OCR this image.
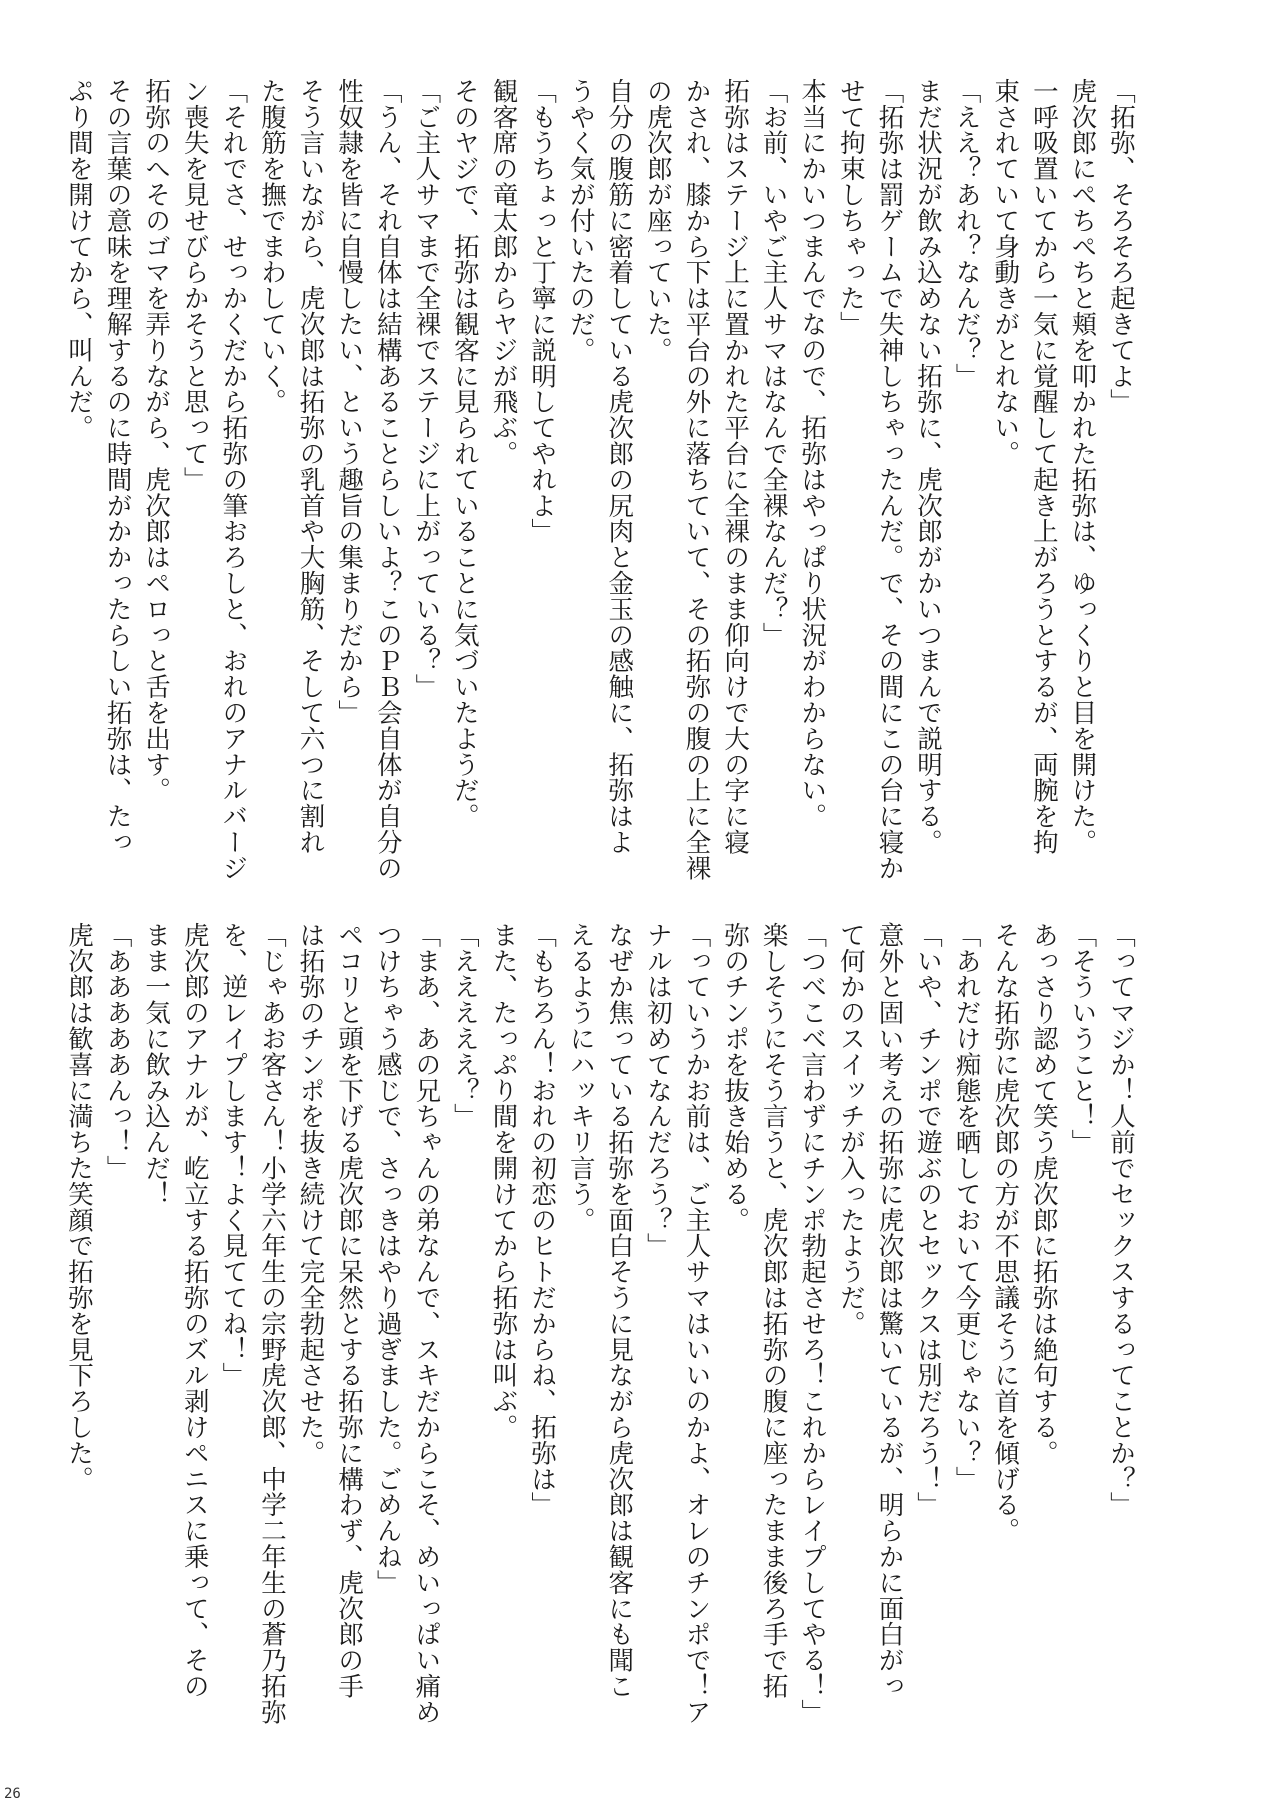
「拓弥、そろそろ起きてよ」

虎次郎にぺちぺちと頬を叩かれた拓弥は、ゆっくりと目を開けた。

一呼吸置いてから一気に覚醒して起き上がろうとするが、両腕を拘

束されていて身動きがとれない。

「ええ？あれ？なんだ？」

まだ状況が飲み込めない拓弥に、虎次郎がかいつまんで説明する。

「拓弥は罰ゲームで失神しちゃったんだ。で、その間にこの台に寝か

せて拘束しちゃった」

本当にかいつまんでなので、拓弥はやっぱり状況がわからない。

「お前、いやご主人サマはなんで全裸なんだ？」

拓弥はステージ上に置かれた平台に全裸のまま仰向けで大の字に寝

かされ、膝から下は平台の外に落ちていて、その拓弥の腹の上に全裸

の虎次郎が座っていた。

自分の腹筋に密着している虎次郎の尻肉と金玉の感触に、拓弥はよ

うやく気が付いたのだ。

「もうちょっと丁寧に説明してやれよ」

観客席の竜太郎からヤジが飛ぶ。

そのヤジで、拓弥は観客に見られていることに気づいたようだ。

「ご主人サマまで全裸でステージに上がっている？」

「うん、それ自体は結構あることらしいよ？このＰＢ会自体が自分の

性奴隷を皆に自慢したい、という趣旨の集まりだから」

そう言いながら、虎次郎は拓弥の乳首や大胸筋、そして六つに割れ

た腹筋を撫でまわしていく。

「それでさ、せっかくだから拓弥の筆おろしと、おれのアナルバージ

ン喪失を見せびらかそうと思って」

拓弥のへそのゴマを弄りながら、虎次郎はペロっと舌を出す。

その言葉の意味を理解するのに時間がかかったらしい拓弥は、たっ

ぷり間を開けてから、叫んだ。

「ってマジか！人前でセックスするってことか？」

「そういうこと！」

あっさり認めて笑う虎次郎に拓弥は絶句する。

そんな拓弥に虎次郎の方が不思議そうに首を傾げる。

「あれだけ痴態を晒しておいて今更じゃない？」

「いや、チンポで遊ぶのとセックスは別だろう！」

意外と固い考えの拓弥に虎次郎は驚いているが、明らかに面白がっ

て何かのスイッチが入ったようだ。

「つべこべ言わずにチンポ勃起させろ！これからレイプしてやる！」

楽しそうにそう言うと、虎次郎は拓弥の腹に座ったまま後ろ手で拓

弥のチンポを抜き始める。

「っていうかお前は、ご主人サマはいいのかよ、オレのチンポで！ア

ナルは初めてなんだろう？」

なぜか焦っている拓弥を面白そうに見ながら虎次郎は観客にも聞こ

えるようにハッキリ言う。

「もちろん！おれの初恋のヒトだからね、拓弥は」

また、たっぷり間を開けてから拓弥は叫ぶ。

「えええええ？」

「まあ、あの兄ちゃんの弟なんで、スキだからこそ、めいっぱい痛め

つけちゃう感じで、さっきはやり過ぎました。ごめんね」

ペコリと頭を下げる虎次郎に呆然とする拓弥に構わず、虎次郎の手

は拓弥のチンポを抜き続けて完全勃起させた。

「じゃあお客さん！小学六年生の宗野虎次郎、中学二年生の蒼乃拓弥

を、逆レイプします！よく見ててね！」

虎次郎のアナルが、屹立する拓弥のズル剥けペニスに乗って、その

まま一気に飲み込んだ！

「あああああんっ！」

虎次郎は歓喜に満ちた笑顔で拓弥を見下ろした。

26
